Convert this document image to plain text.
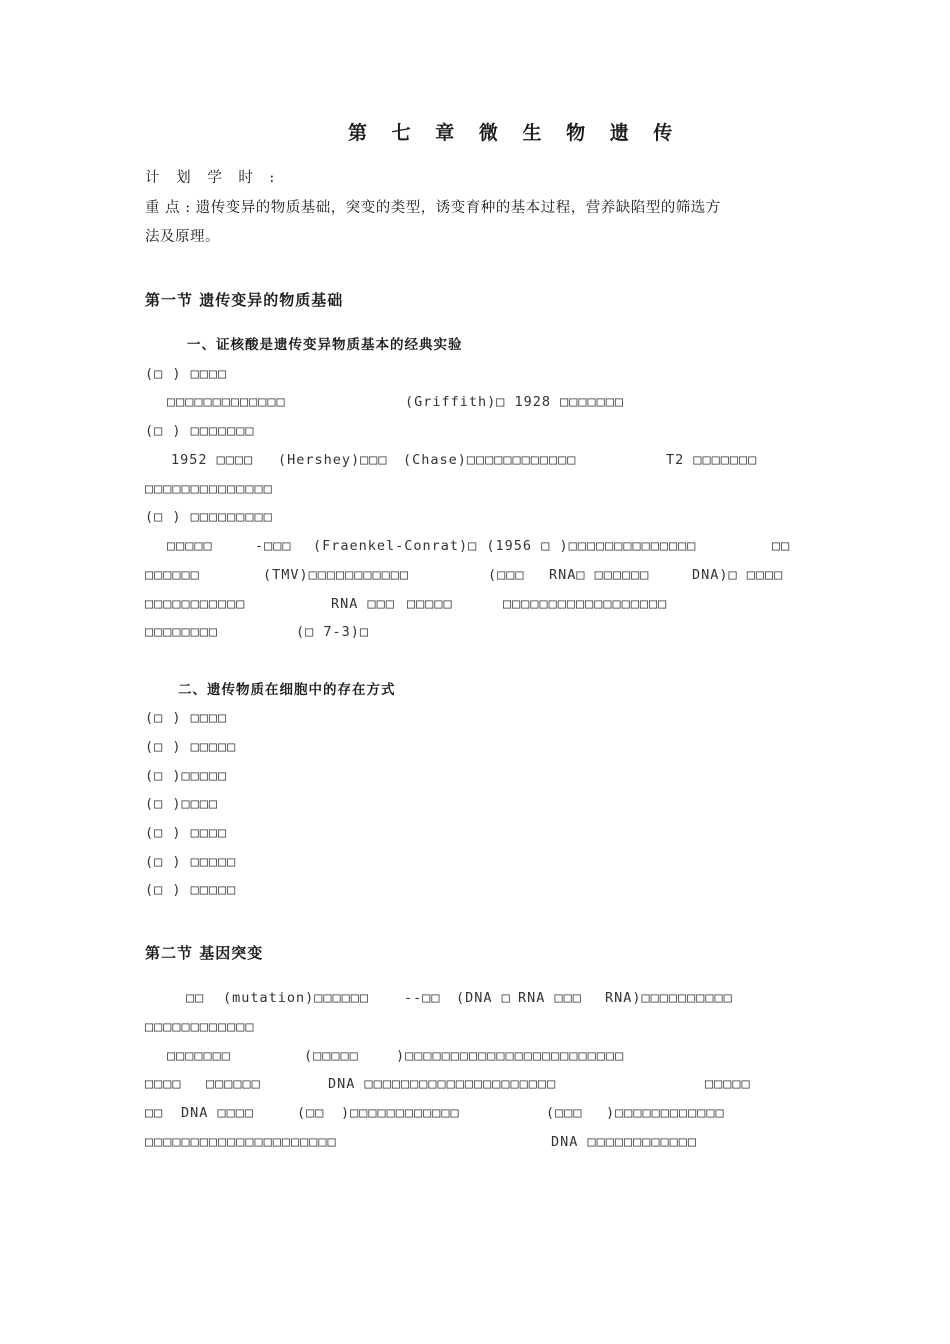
第 七 章 微 生 物 遗 传
计 划 学 时 :
重 点 : 遗传变异的物质基础，突变的类型，诱变育种的基本过程，营养缺陷型的筛选方
法及原理。
第一节 遗传变异的物质基础
一、证核酸是遗传变异物质基本的经典实验
(□ ) □□□□
□□□□□□□□□□□□□	(Griffith)□ 1928 □□□□□□□
(□ ) □□□□□□□
1952 □□□□ (Hershey)□□□ (Chase)□□□□□□□□□□□□	T2 □□□□□□□
□□□□□□□□□□□□□□
(□ ) □□□□□□□□□
□□□□□	-□□□ (Fraenkel-Conrat)□ (1956 □ )□□□□□□□□□□□□□□	□□
□□□□□□	(TMV)□□□□□□□□□□□	(□□□ RNA□ □□□□□□	DNA)□ □□□□
□□□□□□□□□□□	RNA □□□ □□□□□	□□□□□□□□□□□□□□□□□□
□□□□□□□□	(□ 7-3)□
二、遗传物质在细胞中的存在方式
(□ ) □□□□
(□ ) □□□□□
(□ )□□□□□
(□ )□□□□
(□ ) □□□□
(□ ) □□□□□
(□ ) □□□□□
第二节 基因突变
□□ (mutation)□□□□□□	--□□ (DNA □ RNA □□□ RNA)□□□□□□□□□□
□□□□□□□□□□□□
□□□□□□□	(□□□□□	)□□□□□□□□□□□□□□□□□□□□□□□□
□□□□ □□□□□□	DNA □□□□□□□□□□□□□□□□□□□□□	□□□□□
□□ DNA □□□□	(□□ )□□□□□□□□□□□□	(□□□ )□□□□□□□□□□□□
□□□□□□□□□□□□□□□□□□□□□	DNA □□□□□□□□□□□□
